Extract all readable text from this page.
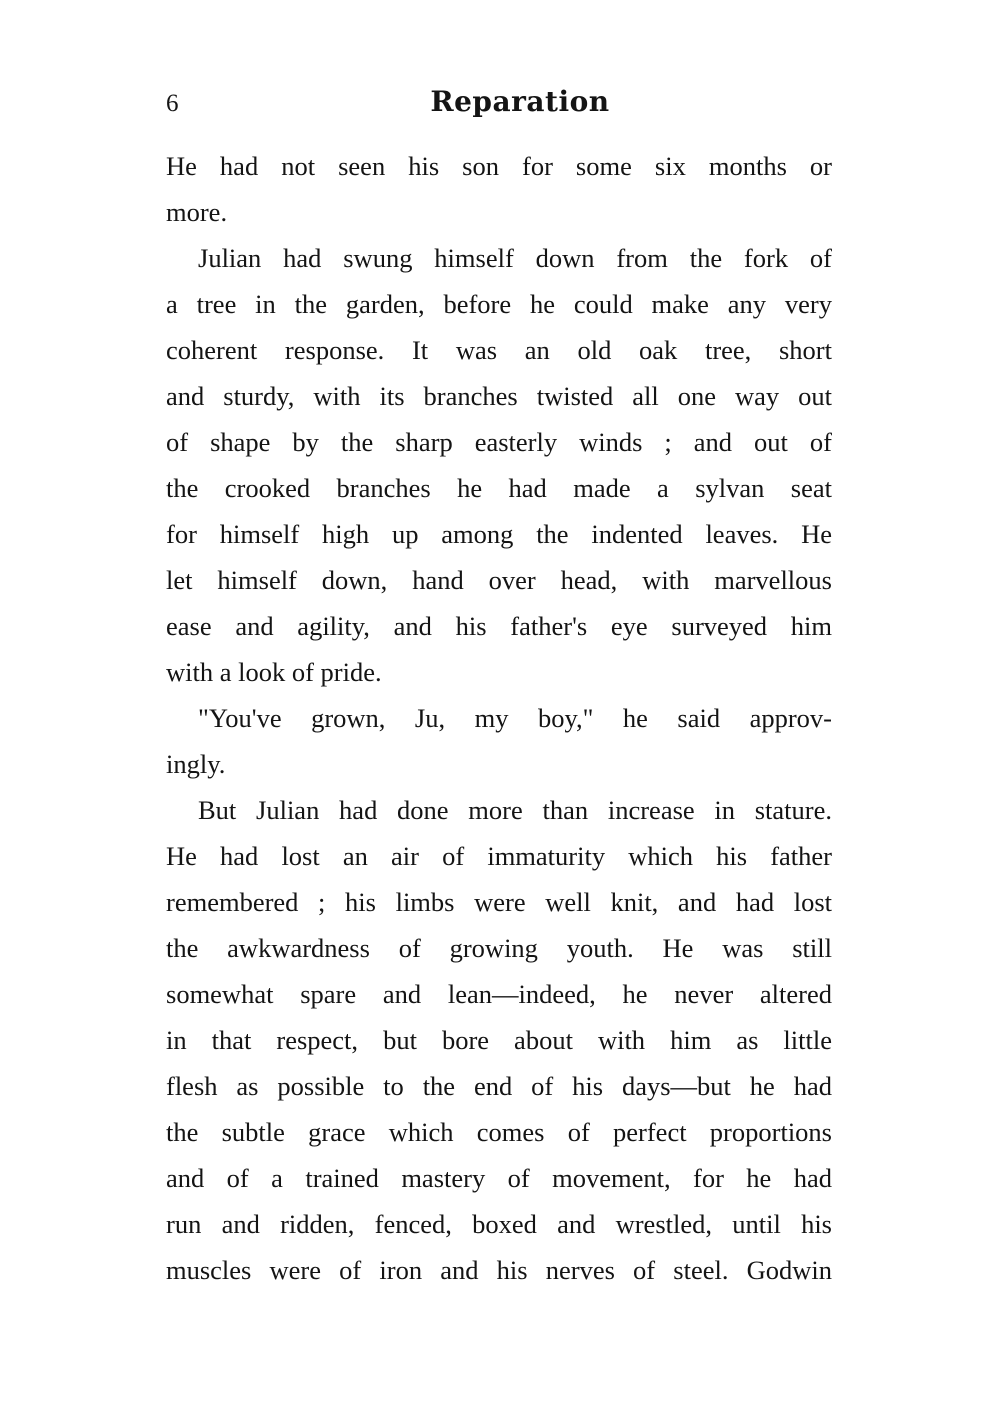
6	Reparation
He had not seen his son for some six months or
more.
Julian had swung himself down from the fork of
a tree in the garden, before he could make any very
coherent response. It was an old oak tree, short
and sturdy, with its branches twisted all one way out
of shape by the sharp easterly winds ; and out of
the crooked branches he had made a sylvan seat
for himself high up among the indented leaves. He
let himself down, hand over head, with marvellous
ease and agility, and his father's eye surveyed him
with a look of pride.
"You've grown, Ju, my boy," he said approv-
ingly.
But Julian had done more than increase in stature.
He had lost an air of immaturity which his father
remembered ; his limbs were well knit, and had lost
the awkwardness of growing youth. He was still
somewhat spare and lean—indeed, he never altered
in that respect, but bore about with him as little
flesh as possible to the end of his days—but he had
the subtle grace which comes of perfect proportions
and of a trained mastery of movement, for he had
run and ridden, fenced, boxed and wrestled, until his
muscles were of iron and his nerves of steel. Godwin
